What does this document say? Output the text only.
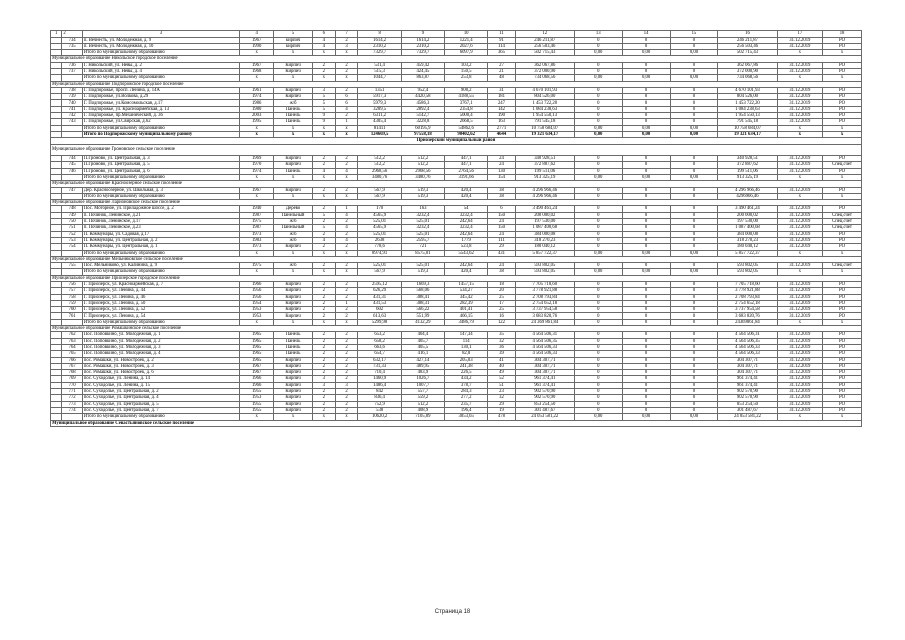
1	2	3	4	5	6	7	8	9	10	11	12	13	14	15	16	17	18
	734	п. Вечнесть, ул. Молодежная, д. 9	1967	кирпич	4	2	1614,2	1614,2	1221,4	91	246 211,87	0	0	0	246 211,87	31.12.2019	РО
	735	п. Вечнесть, ул. Молодежная, д. 10	1990	кирпич	4	3	2310,2	2310,2	2027,6	114	256 503,46	0	0	0	256 503,46	31.12.2019	РО
		Итого по муниципальному образованию	х	х	х	х	7329,7	7329,7	6097,9	365	502 715,43	0,00	0,00	0,00	502 715,43	х	х
Муниципальное образование Никольское городское поселение																	
	736	Г. Никольский, ул. Невы, д. 2	1967	Кирпич	2	2	531,4	459,42	103,2	27	362 067,86	0	0	0	362 067,86	31.12.2019	РО
	737	Г. Никольский, ул. Невы, д. 4	1968	Кирпич	2	2	515,3	424,45	150,5	21	372 000,90	0	0	0	372 000,90	31.12.2019	РО
		Итого по муниципальному образованию	х	х	х	х	1044,7	863,87	253,8	48	734 068,56	0,00	0,00	0,00	734 068,56	х	х
Муниципальное образование Подпорожское городское поселение																	
	738	Г. Подпорожье, просп. Ленина, д. 14А	1961	Кирпич	3	2	1351	952,4	908,2	31	4 670 101,93	0	0	0	4 670 101,93	31.12.2019	РО
	739	Г. Подпорожье, ул.Волкова, д.29	1974	Кирпич	5	6	5917,3	4420,58	4188,55	181	804 526,00	0	0	0	804 526,00	31.12.2019	РО
	740	Г. Подпорожье, ул.Комсомольская, д.17	1986	ж/б	5	6	5979,3	4586,3	3767,1	247	1 453 722,20	0	0	0	1 453 722,20	31.12.2019	РО
	741	Г. Подпорожье, ул. Красноармейская, д. 13	1980	Панель	5	4	3289,5	2892,4	2354,8	142	1 084 238,63	0	0	0	1 084 238,63	31.12.2019	РО
	742	Г. Подпорожье, пр.Механический, д. 36	2003	Панель	9	2	6311,2	5142,7	5000,4	190	1 954 550,13	0	0	0	1 954 550,13	31.12.2019	РО
	743	Г. Подпорожье, ул.Свирская, д.62	1995	Панель	9	1	4305,4	3228,8	2668,5	163	791 545,18	0	0	0	791 545,18	31.12.2019	РО
		Итого по муниципальному образованию	х	х	х	х	81411	60195,9	54862,6	2771	10 758 684,07	0,00	0,00	0,00	10 758 684,07	х	х
		Итого по Подпорожскому муниципальному району	х	х	х	х	124669,5	97558,18	90402,62	4644	19 321 634,17	0,00	0,00	0,00	19 321 634,17	х	х
Приозерский муниципальный район																	
Муниципальное образование Громовское сельское поселение																	
	744	П.Громово, ул. Центральная, д. 3	1969	Кирпич	2	2	512,2	512,2	447,1	24	340 928,51	0	0	0	340 928,51	31.12.2019	РО
	745	П.Громово, ул. Центральная, д. 5	1970	Кирпич	2	2	512,2	512,2	447,1	24	372 887,62	0	0	0	372 887,62	31.12.2019	Спец.счет
	746	П.Громово, ул. Центральная, д. 6	1974	Панель	4	4	2968,56	2968,56	2764,56	130	199 511,06	0	0	0	199 511,06	31.12.2019	РО
		Итого по муниципальному образованию	х	х	х	х	3480,76	3480,76	3191,66	154	913 325,19	0,00	0,00	0,00	913 325,19	х	х
Муниципальное образование Красноозерное сельское поселение																	
	747	Дер. Красноозерное, ул. Школьная, д. 3	1967	Кирпич	2	2	567,9	519,3	420,4	38	4 296 966,46	0	0	0	4 296 966,46	31.12.2019	РО
		Итого по муниципальному образованию	х	х	х	х	567,9	519,3	420,4	38	4 296 966,46	0	0	0	4296966,46	х	х
Муниципальное образование Ларионовское сельское поселение																	
	748	Пос. Моторное, ул. Приладожное шоссе, д. 2	1940	Дерево	2	1	170	163	54	6	3 490 461,24	0	0	0	3 490 461,24	31.12.2019	РО
	749	п. Починок, Ленинское, д.21	1987	Панельный	5	4	4565,9	3232,4	3232,4	150	200 000,02	0	0	0	200 000,02	31.12.2019	Спец.счет
	750	п. Починок, Ленинское, д.17	1975	ж/б	2	2	525,01	525,01	242,64	24	197 530,00	0	0	0	197 530,00	31.12.2019	Спец.счет
	751	п. Починок, Ленинское, д.23	1987	Панельный	5	4	4565,9	3232,4	3232,4	150	1 087 400,68	0	0	0	1 087 400,68	31.12.2019	Спец.счет
	752	П. Коммунары, ул. Садовая, д.17	1973	ж/б	2	2	525,01	525,01	242,64	24	384 000,08	0	0	0	384 000,08	31.12.2019	РО
	753	П. Коммунары, ул. Центральная, д. 2	1983	ж/б	4	4	2638	2595,7	1779	111	318 270,23	0	0	0	318 270,23	31.12.2019	РО
	754	П. Коммунары, ул. Центральная, д. 1	1973	Кирпич	2	2	778,6	721	523,8	29	180 040,12	0	0	0	180 040,12	31.12.2019	РО
		Итого по муниципальному образованию	х	х	х	х	8974,91	8575,01	5543,62	431	5 857 722,37	0,00	0,00	0,00	5 857 722,37	х	х
Муниципальное образование Мельниковское сельское поселение																	
	755	Пос. Мельниково, ул. Калинина, д. 9	1975	ж/б	2	2	525,01	525,01	242,64	24	593 802,05	0	0	0	593 802,05	31.12.2019	Спец.счет
		Итого по муниципальному образованию	х	х	х	х	567,9	519,3	420,4	38	593 802,05	0,00	0,00	0,00	593 802,05	х	х
Муниципальное образование Приозерское городское поселение																	
	756	Г. Приозерск, ул. Красноармейская, д. 7	1966	Кирпич	2	2	2595,12	1669,3	1457,15	18	7 705 718,60	0	0	0	7 705 718,60	31.12.2019	РО
	757	Г. Приозерск, ул. Ленина, д. 44	1956	Кирпич	2	2	626,29	568,06	534,27	20	3 778 921,88	0	0	0	3 778 921,88	31.12.2019	РО
	758	Г. Приозерск, ул. Ленина, д. 46	1956	Кирпич	2	2	431,31	388,41	345,42	25	2 708 793,84	0	0	0	2 708 793,84	31.12.2019	РО
	759	Г. Приозерск, ул. Ленина, д. 50	1954	Кирпич	2	1	431,53	388,31	282,39	17	2 754 652,18	0	0	0	2 754 652,18	31.12.2019	РО
	760	Г. Приозерск, ул. Ленина, д. 52	1953	Кирпич	2	2	602	566,22	401,41	25	3 737 954,58	0	0	0	3 737 954,58	31.12.2019	РО
	761	Г. Приозерск, ул. Ленина, д. 54	1953	Кирпич	2	2	613,63	551,99	466,15	16	3 683 820,76	0	0	0	3 683 820,76	31.12.2019	РО
		Итого по муниципальному образованию	х	х	х	х	5299,98	4132,29	3486,79	122	24 369 861,84	0	0	0	24369861,84	х	х
Муниципальное образование Ромашкинское сельское поселение																	
	762	Пос. Поповкино, ул. Молодежная, д. 1	1965	Панель	2	2	653,2	404,4	147,34	35	4 564 506,31	0	0	0	4 564 506,31	31.12.2019	РО
	763	Пос. Поповкино, ул. Молодежная, д. 2	1965	Панель	2	2	658,2	405,7	114	32	4 564 506,35	0	0	0	4 564 506,35	31.12.2019	РО
	764	Пос. Поповкино, ул. Молодежная, д. 3	1965	Панель	2	2	663,6	405,5	130,1	36	4 564 506,33	0	0	0	4 564 506,33	31.12.2019	РО
	765	Пос. Поповкино, ул. Молодежная, д. 4	1965	Панель	2	2	654,7	416,1	82,8	39	4 564 506,33	0	0	0	4 564 506,33	31.12.2019	РО
	766	пос. Ромашки, ул. Новостроек, д. 2	1965	Кирпич	2	2	632,17	427,14	205,03	41	304 307,71	0	0	0	304 307,71	31.12.2019	РО
	767	пос. Ромашки, ул. Новостроек, д. 3	1967	Кирпич	2	2	731,33	489,95	241,38	40	304 307,71	0	0	0	304 307,71	31.12.2019	РО
	768	пос. Ромашки, ул. Новостроек, д. 6	1967	Кирпич	2	2	710,4	483,9	226,5	49	304 307,71	0	0	0	304 307,71	31.12.2019	РО
	769	пос. Суходолье, ул. Ленина, д. 14	1966	Кирпич	3	2	1460,9	1026,7	434,2	52	961 374,41	0	0	0	961 374,41	31.12.2019	РО
	770	пос. Суходолье, ул. Ленина, д. 15	1966	Кирпич	3	3	1486,4	1007,7	378,7	51	961 374,41	0	0	0	961 374,41	31.12.2019	РО
	771	пос. Суходолье, ул. Центральная, д. 2	1955	Кирпич	2	2	842	557,7	284,3	23	902 570,90	0	0	0	902 570,90	31.12.2019	РО
	772	пос. Суходолье, ул. Центральная, д. 4	1953	Кирпич	2	2	836,4	559,2	277,2	32	902 570,90	0	0	0	902 570,90	31.12.2019	РО
	773	пос. Суходолье, ул. Центральная, д. 5	1955	Кирпич	2	2	752,9	512,2	235,7	29	853 254,50	0	0	0	853 254,50	31.12.2019	РО
	774	пос. Суходолье, ул. Центральная, д. 7	1955	Кирпич	2	2	538	408,9	196,4	19	301 487,67	0	0	0	301 487,67	31.12.2019	РО
		Итого по муниципальному образованию	х	х	х	х	10620,2	7105,89	3053,65	478	24 053 581,22	0,00	0,00	0,00	24 053 581,22	х	х
Муниципальное образование Севастьяновское сельское поселение																	
Страница 18
